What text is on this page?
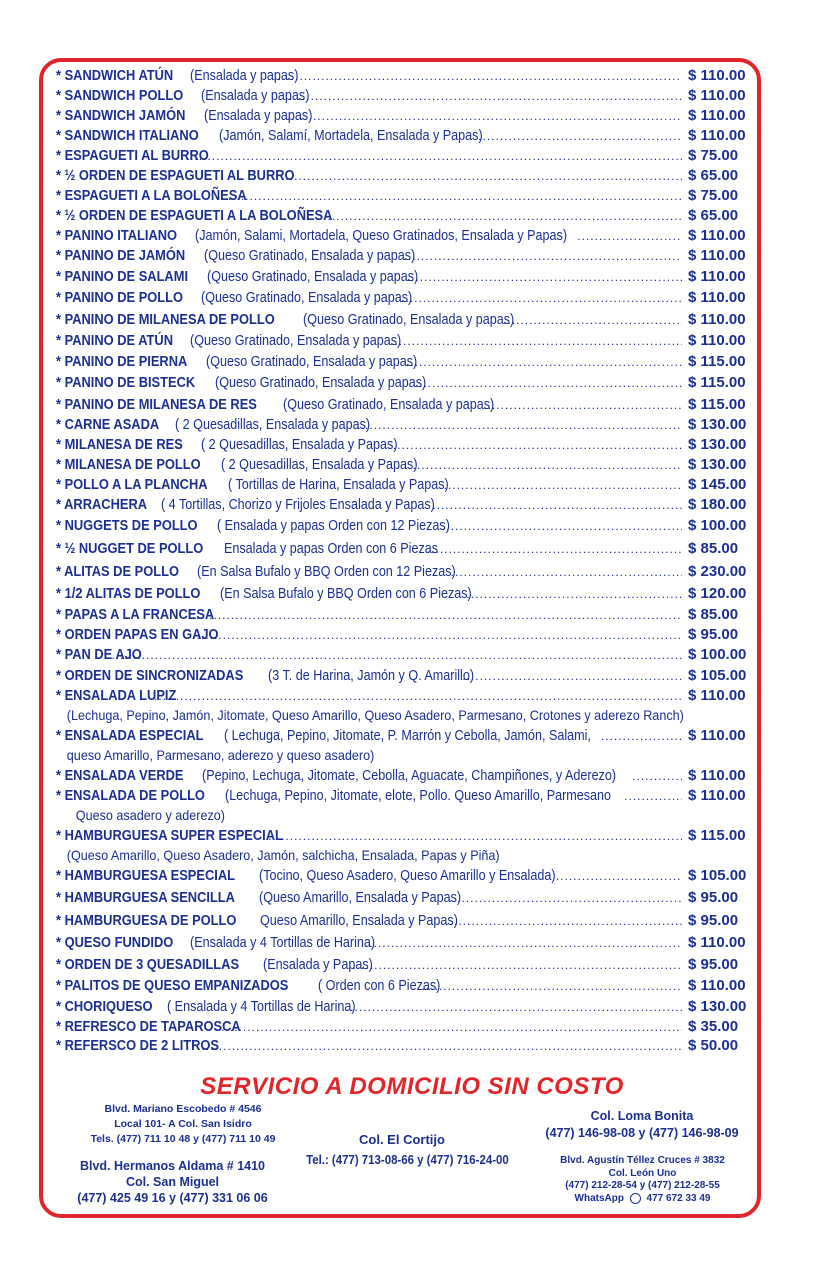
* SANDWICH ATÚN (Ensalada y papas) .....	$ 110.00
* SANDWICH POLLO (Ensalada y papas) .....	$ 110.00
* SANDWICH JAMÓN (Ensalada y papas) .....	$ 110.00
* SANDWICH ITALIANO (Jamón, Salamí, Mortadela, Ensalada y Papas) .....	$ 110.00
* ESPAGUETI AL BURRO .....	$ 75.00
* ½ ORDEN DE ESPAGUETI AL BURRO .....	$ 65.00
* ESPAGUETI A LA BOLOÑESA .....	$ 75.00
* ½ ORDEN DE ESPAGUETI A LA BOLOÑESA .....	$ 65.00
* PANINO ITALIANO (Jamón, Salami, Mortadela, Queso Gratinados, Ensalada y Papas) .....	$ 110.00
* PANINO DE JAMÓN (Queso Gratinado, Ensalada y papas) .....	$ 110.00
* PANINO DE SALAMI (Queso Gratinado, Ensalada y papas) .....	$ 110.00
* PANINO DE POLLO (Queso Gratinado, Ensalada y papas) .....	$ 110.00
* PANINO DE MILANESA DE POLLO (Queso Gratinado, Ensalada y papas) .....	$ 110.00
* PANINO DE ATÚN (Queso Gratinado, Ensalada y papas) .....	$ 110.00
* PANINO DE PIERNA (Queso Gratinado, Ensalada y papas) .....	$ 115.00
* PANINO DE BISTECK (Queso Gratinado, Ensalada y papas) .....	$ 115.00
* PANINO DE MILANESA DE RES (Queso Gratinado, Ensalada y papas) .....	$ 115.00
* CARNE ASADA ( 2 Quesadillas, Ensalada y papas) .....	$ 130.00
* MILANESA DE RES ( 2 Quesadillas, Ensalada y Papas) .....	$ 130.00
* MILANESA DE POLLO ( 2 Quesadillas, Ensalada y Papas) .....	$ 130.00
* POLLO A LA PLANCHA ( Tortillas de Harina, Ensalada y Papas) .....	$ 145.00
* ARRACHERA ( 4 Tortillas, Chorizo y Frijoles Ensalada y Papas) .....	$ 180.00
* NUGGETS DE POLLO ( Ensalada y papas Orden con 12 Piezas) .....	$ 100.00
* ½ NUGGET DE POLLO Ensalada y papas Orden con 6 Piezas .....	$ 85.00
* ALITAS DE POLLO (En Salsa Bufalo y BBQ Orden con 12 Piezas) .....	$ 230.00
* 1/2 ALITAS DE POLLO (En Salsa Bufalo y BBQ Orden con 6 Piezas) .....	$ 120.00
* PAPAS A LA FRANCESA .....	$ 85.00
* ORDEN PAPAS EN GAJO .....	$ 95.00
* PAN DE AJO .....	$ 100.00
* ORDEN DE SINCRONIZADAS (3 T. de Harina, Jamón y Q. Amarillo) .....	$ 105.00
* ENSALADA LUPIZ .....	$ 110.00
(Lechuga, Pepino, Jamón, Jitomate, Queso Amarillo, Queso Asadero, Parmesano, Crotones y aderezo Ranch)
* ENSALADA ESPECIAL ( Lechuga, Pepino, Jitomate, P. Marrón y Cebolla, Jamón, Salami, .....	$ 110.00
queso Amarillo, Parmesano, aderezo y queso asadero)
* ENSALADA VERDE (Pepino, Lechuga, Jitomate, Cebolla, Aguacate, Champiñones, y Aderezo) .....	$ 110.00
* ENSALADA DE POLLO (Lechuga, Pepino, Jitomate, elote, Pollo. Queso Amarillo, Parmesano .....	$ 110.00
Queso asadero y aderezo)
* HAMBURGUESA SUPER ESPECIAL .....	$ 115.00
(Queso Amarillo, Queso Asadero, Jamón, salchicha, Ensalada, Papas y Piña)
* HAMBURGUESA ESPECIAL (Tocino, Queso Asadero, Queso Amarillo y Ensalada) .....	$ 105.00
* HAMBURGUESA SENCILLA (Queso Amarillo, Ensalada y Papas) .....	$ 95.00
* HAMBURGUESA DE POLLO Queso Amarillo, Ensalada y Papas) .....	$ 95.00
* QUESO FUNDIDO (Ensalada y 4 Tortillas de Harina) .....	$ 110.00
* ORDEN DE 3 QUESADILLAS (Ensalada y Papas) .....	$ 95.00
* PALITOS DE QUESO EMPANIZADOS ( Orden con 6 Piezas) .....	$ 110.00
* CHORIQUESO ( Ensalada y 4 Tortillas de Harina) .....	$ 130.00
* REFRESCO DE TAPAROSCA .....	$ 35.00
* REFERSCO DE 2 LITROS .....	$ 50.00
SERVICIO A DOMICILIO SIN COSTO
Blvd. Mariano Escobedo # 4546
Local 101- A Col. San Isidro
Tels. (477) 711 10 48 y (477) 711 10 49
Blvd. Hermanos Aldama # 1410
Col. San Miguel
(477) 425 49 16 y (477) 331 06 06
Col. El Cortijo
Tel.: (477) 713-08-66 y (477) 716-24-00
Col. Loma Bonita
(477) 146-98-08 y (477) 146-98-09
Blvd. Agustín Téllez Cruces # 3832
Col. León Uno
(477) 212-28-54 y (477) 212-28-55
WhatsApp 477 672 33 49
